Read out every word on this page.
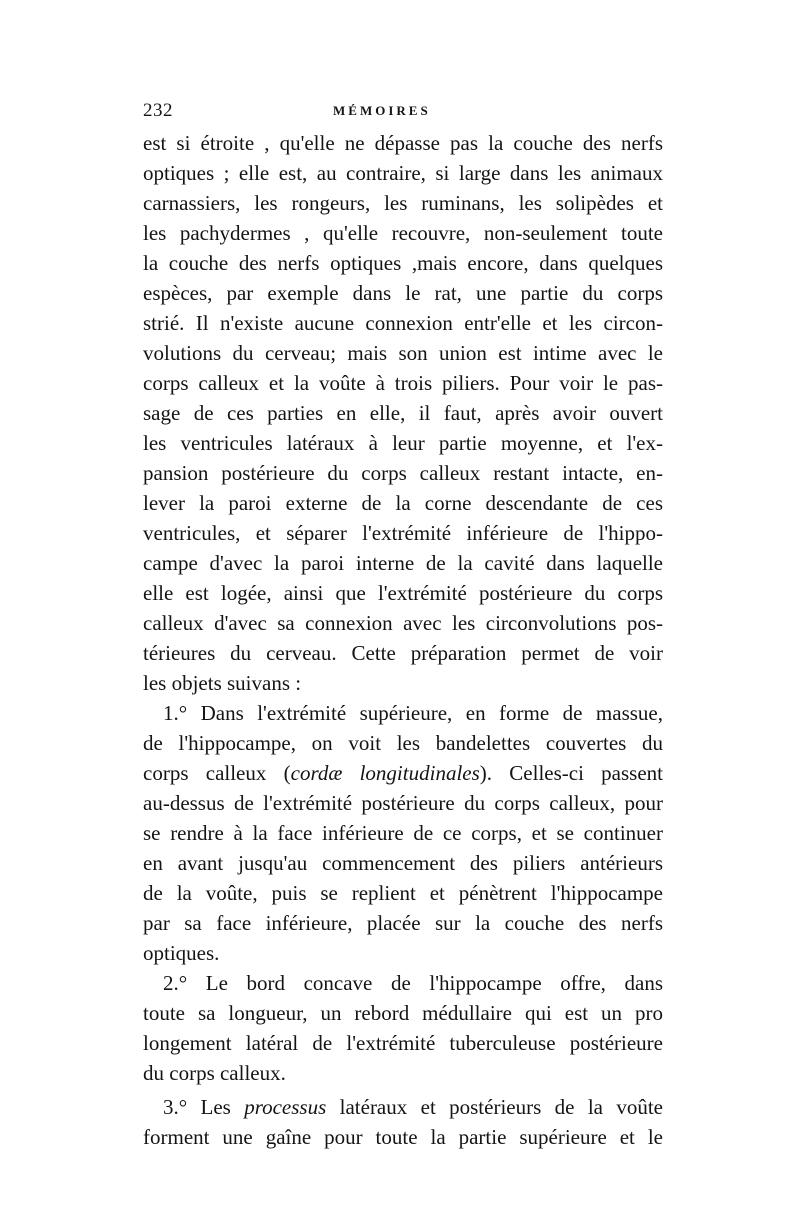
232	MÉMOIRES
est si étroite , qu'elle ne dépasse pas la couche des nerfs
optiques ; elle est, au contraire, si large dans les animaux
carnassiers, les rongeurs, les ruminans, les solipèdes et
les pachydermes , qu'elle recouvre, non-seulement toute
la couche des nerfs optiques ,mais encore, dans quelques
espèces, par exemple dans le rat, une partie du corps
strié. Il n'existe aucune connexion entr'elle et les circon-
volutions du cerveau; mais son union est intime avec le
corps calleux et la voûte à trois piliers. Pour voir le pas-
sage de ces parties en elle, il faut, après avoir ouvert
les ventricules latéraux à leur partie moyenne, et l'ex-
pansion postérieure du corps calleux restant intacte, en-
lever la paroi externe de la corne descendante de ces
ventricules, et séparer l'extrémité inférieure de l'hippo-
campe d'avec la paroi interne de la cavité dans laquelle
elle est logée, ainsi que l'extrémité postérieure du corps
calleux d'avec sa connexion avec les circonvolutions pos-
térieures du cerveau. Cette préparation permet de voir
les objets suivans :
1.° Dans l'extrémité supérieure, en forme de massue,
de l'hippocampe, on voit les bandelettes couvertes du
corps calleux (cordæ longitudinales). Celles-ci passent
au-dessus de l'extrémité postérieure du corps calleux, pour
se rendre à la face inférieure de ce corps, et se continuer
en avant jusqu'au commencement des piliers antérieurs
de la voûte, puis se replient et pénètrent l'hippocampe
par sa face inférieure, placée sur la couche des nerfs
optiques.
2.° Le bord concave de l'hippocampe offre, dans
toute sa longueur, un rebord médullaire qui est un pro
longement latéral de l'extrémité tuberculeuse postérieure
du corps calleux.
3.° Les processus latéraux et postérieurs de la voûte
forment une gaîne pour toute la partie supérieure et le
